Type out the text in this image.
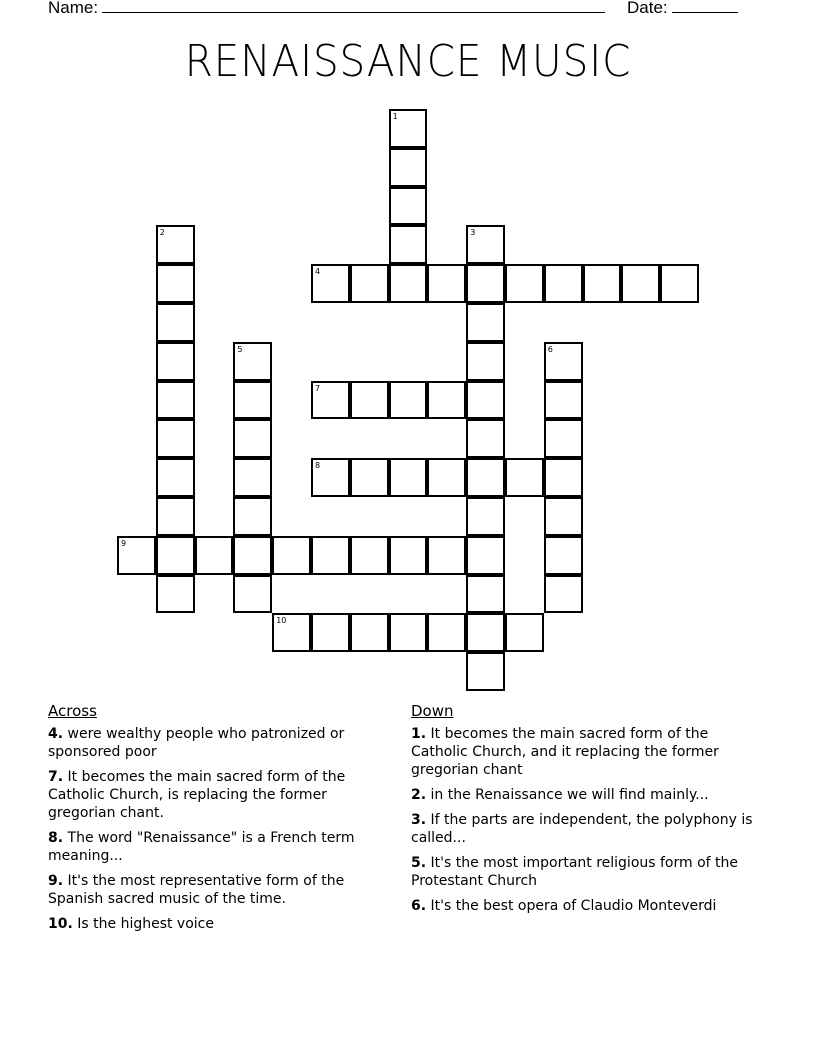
Name:	Date:
RENAISSANCE MUSIC
1
2	3
4
5	6
7
8
9
10
Across
4. were wealthy people who patronized or sponsored poor
7. It becomes the main sacred form of the Catholic Church, is replacing the former gregorian chant.
8. The word "Renaissance" is a French term meaning...
9. It's the most representative form of the Spanish sacred music of the time.
10. Is the highest voice
Down
1. It becomes the main sacred form of the Catholic Church, and it replacing the former gregorian chant
2. in the Renaissance we will find mainly...
3. If the parts are independent, the polyphony is called...
5. It's the most important religious form of the Protestant Church
6. It's the best opera of Claudio Monteverdi
